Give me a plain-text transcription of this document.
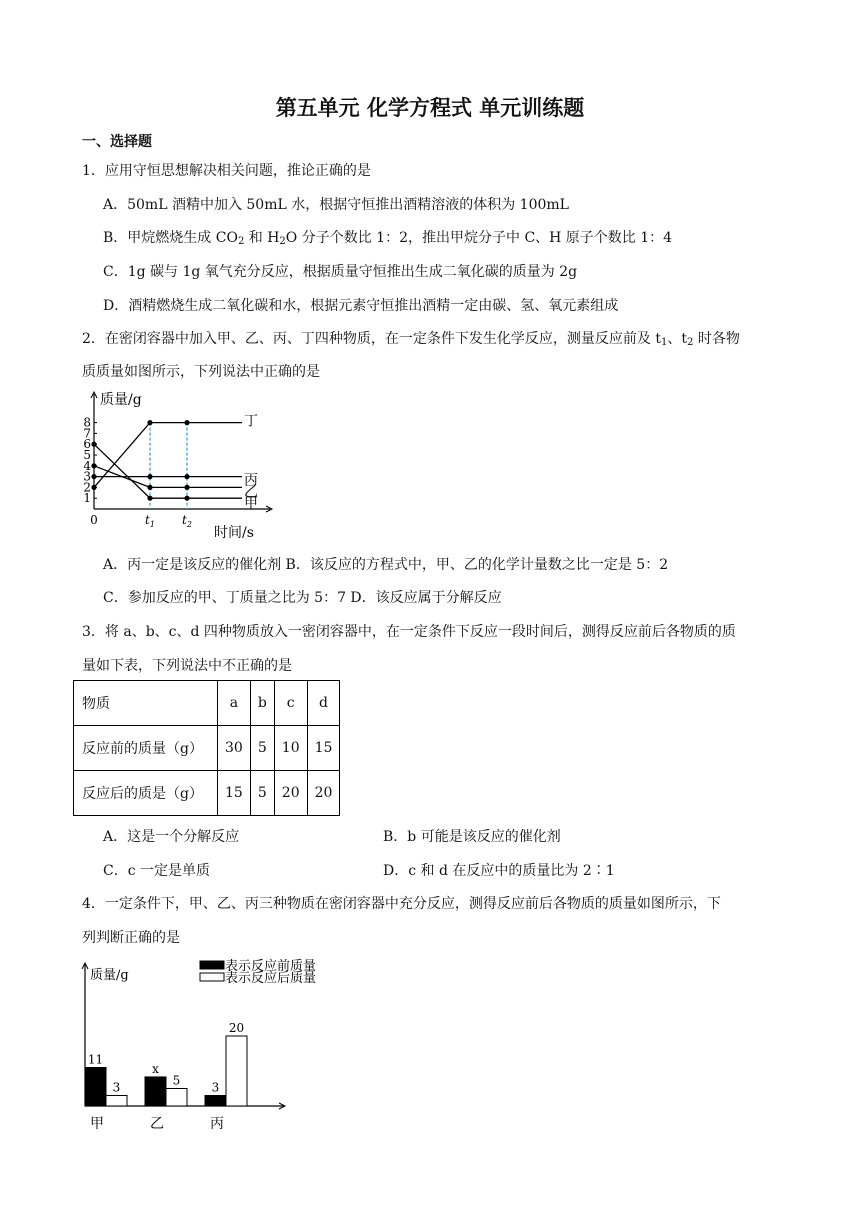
第五单元 化学方程式 单元训练题
一、选择题
1．应用守恒思想解决相关问题，推论正确的是
A．50mL 酒精中加入 50mL 水，根据守恒推出酒精溶液的体积为 100mL
B．甲烷燃烧生成 $CO_2$ 和 $H_2O$ 分子个数比 1：2，推出甲烷分子中 C、H 原子个数比 1：4
C．1g 碳与 1g 氧气充分反应，根据质量守恒推出生成二氧化碳的质量为 2g
D．酒精燃烧生成二氧化碳和水，根据元素守恒推出酒精一定由碳、氢、氧元素组成
2．在密闭容器中加入甲、乙、丙、丁四种物质，在一定条件下发生化学反应，测量反应前及 $t_1$、$t_2$ 时各物
质质量如图所示，下列说法中正确的是
质量/g
时间/s
1
2
3
4
5
6
7
8
0	$t_1$ $t_2$
丁
丙
乙
甲
A．丙一定是该反应的催化剂 B．该反应的方程式中，甲、乙的化学计量数之比一定是 5：2
C．参加反应的甲、丁质量之比为 5：7 D．该反应属于分解反应
3．将 a、b、c、d 四种物质放入一密闭容器中，在一定条件下反应一段时间后，测得反应前后各物质的质
量如下表，下列说法中不正确的是
物质	a	b	c	d
反应前的质量（g）	30	5	10	15
反应后的质是（g）	15	5	20	20
A．这是一个分解反应	B．b 可能是该反应的催化剂
C．c 一定是单质	D．c 和 d 在反应中的质量比为 2∶1
4．一定条件下，甲、乙、丙三种物质在密闭容器中充分反应，测得反应前后各物质的质量如图所示，下
列判断正确的是
质量/g
表示反应前质量
表示反应后质量
11
3
甲
x
5
乙
3
20
丙
